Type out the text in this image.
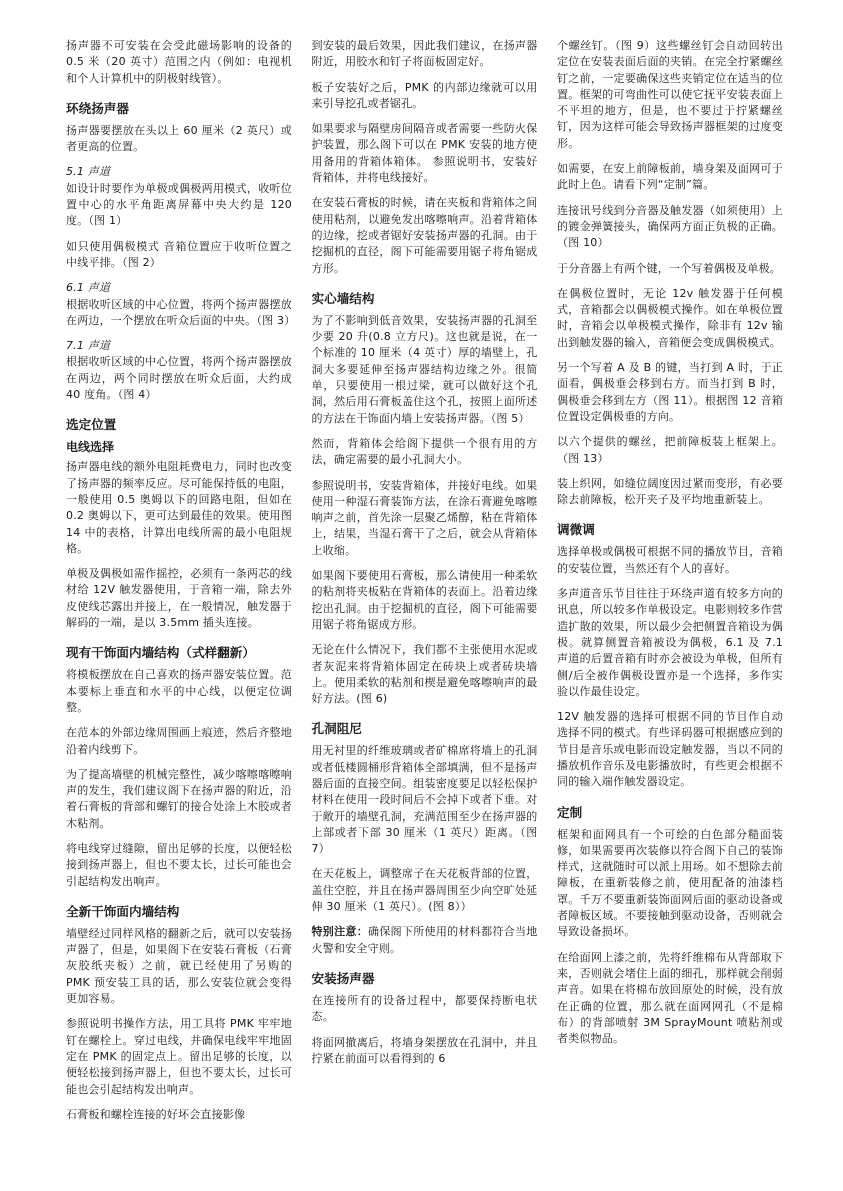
扬声器不可安装在会受此磁场影响的设备的 0.5 米（20 英寸）范围之内（例如：电视机和个人计算机中的阴极射线管）。

环绕扬声器

扬声器要摆放在头以上 60 厘米（2 英尺）或者更高的位置。

5.1 声道

如设计时要作为单极或偶极两用模式，收听位置中心的水平角距离屏幕中央大约是 120 度。（图 1）

如只使用偶极模式 音箱位置应于收听位置之中线平排。（图 2）

6.1 声道

根据收听区域的中心位置，将两个扬声器摆放在两边，一个摆放在听众后面的中央。（图 3）

7.1 声道

根据收听区域的中心位置，将两个扬声器摆放在两边，两个同时摆放在听众后面，大约成 40 度角。（图 4）

选定位置
电线选择

扬声器电线的额外电阻耗费电力，同时也改变了扬声器的频率反应。尽可能保持低的电阻，一般使用 0.5 奥姆以下的回路电阻，但如在 0.2 奥姆以下，更可达到最佳的效果。使用图 14 中的表格，计算出电线所需的最小电阻规格。

单极及偶极如需作摇控，必须有一条两芯的线材给 12V 触发器使用，于音箱一端，除去外皮使线芯露出并接上，在一般情况，触发器于解码的一端，是以 3.5mm 插头连接。

现有干饰面内墙结构（式样翻新）

将模板摆放在自己喜欢的扬声器安装位置。范本要标上垂直和水平的中心线，以便定位调整。

在范本的外部边缘周围画上痕迹，然后齐整地沿着内线剪下。

为了提高墙壁的机械完整性，减少喀嚓喀嚓响声的发生，我们建议阁下在扬声器的附近，沿着石膏板的背部和螺钉的接合处涂上木胶或者木粘剂。

将电线穿过缝隙，留出足够的长度，以便轻松接到扬声器上，但也不要太长，过长可能也会引起结构发出响声。

全新干饰面内墙结构

墙壁经过同样风格的翻新之后，就可以安装扬声器了，但是，如果阁下在安装石膏板（石膏灰胶纸夹板）之前，就已经使用了另购的 PMK 预安装工具的话，那么安装位就会变得更加容易。

参照说明书操作方法，用工具将 PMK 牢牢地钉在螺栓上。穿过电线，并确保电线牢牢地固定在 PMK 的固定点上。留出足够的长度，以便轻松接到扬声器上，但也不要太长，过长可能也会引起结构发出响声。

石膏板和螺栓连接的好坏会直接影像

到安装的最后效果，因此我们建议，在扬声器附近，用胶水和钉子将面板固定好。

板子安装好之后，PMK 的内部边缘就可以用来引导挖孔或者锯孔。

如果要求与隔壁房间隔音或者需要一些防火保护装置，那么阁下可以在 PMK 安装的地方使用备用的背箱体箱体。 参照说明书，安装好背箱体，并将电线接好。

在安装石膏板的时候，请在夹板和背箱体之间使用粘剂，以避免发出喀嚓响声。沿着背箱体的边缘，挖或者锯好安装扬声器的孔洞。由于挖掘机的直径，阁下可能需要用锯子将角锯成方形。

实心墙结构

为了不影响到低音效果，安装扬声器的孔洞至少要 20 升(0.8 立方尺)。这也就是说，在一个标准的 10 厘米（4 英寸）厚的墙壁上，孔洞大多要延伸至扬声器结构边缘之外。很简单，只要使用一根过梁，就可以做好这个孔洞，然后用石膏板盖住这个孔，按照上面所述的方法在干饰面内墙上安装扬声器。（图 5）

然而，背箱体会给阁下提供一个很有用的方法，确定需要的最小孔洞大小。

参照说明书，安装背箱体，并接好电线。如果使用一种湿石膏装饰方法，在涂石膏避免喀嚓响声之前，首先涂一层聚乙烯醇，粘在背箱体上，结果，当湿石膏干了之后，就会从背箱体上收缩。

如果阁下要使用石膏板，那么请使用一种柔软的粘剂将夹板粘在背箱体的表面上。沿着边缘挖出孔洞。由于挖掘机的直径，阁下可能需要用锯子将角锯成方形。

无论在什么情况下，我们都不主张使用水泥或者灰泥来将背箱体固定在砖块上或者砖块墙上。使用柔软的粘剂和楔是避免喀嚓响声的最好方法。(图 6)

孔洞阻尼

用无衬里的纤维玻璃或者矿棉席将墙上的孔洞或者低楼圆桶形背箱体全部填满，但不是扬声器后面的直接空间。组装密度要足以轻松保护材料在使用一段时间后不会掉下或者下垂。对于敞开的墙壁孔洞，充满范围至少在扬声器的上部或者下部 30 厘米（1 英尺）距离。（图 7）

在天花板上，调整席子在天花板背部的位置，盖住空腔，并且在扬声器周围至少向空旷处延伸 30 厘米（1 英尺）。(图 8））

特别注意：确保阁下所使用的材料都符合当地火警和安全守则。

安装扬声器

在连接所有的设备过程中，都要保持断电状态。

将面网撤离后，将墙身架摆放在孔洞中，并且拧紧在前面可以看得到的 6

个螺丝钉。（图 9）这些螺丝钉会自动回转出定位在安装表面后面的夹销。在完全拧紧螺丝钉之前，一定要确保这些夹销定位在适当的位置。框架的可弯曲性可以使它抚平安装表面上不平坦的地方，但是，也不要过于拧紧螺丝钉，因为这样可能会导致扬声器框架的过度变形。

如需要，在安上前障板前，墙身架及面网可于此时上色。请看下列“定制”篇。

连接讯号线到分音器及触发器（如须使用）上的镀金弹簧接头，确保两方面正负极的正确。（图 10）

于分音器上有两个键，一个写着偶极及单极。

在偶极位置时，无论 12v 触发器于任何模式，音箱都会以偶极模式操作。如在单极位置时，音箱会以单极模式操作，除非有 12v 输出到触发器的输入，音箱便会变成偶极模式。

另一个写着 A 及 B 的键，当打到 A 时，于正面看，偶极垂会移到右方。而当打到 B 时，偶极垂会移到左方（图 11）。根据图 12 音箱位置设定偶极垂的方向。

以六个提供的螺丝，把前障板装上框架上。（图 13）

装上织网，如缝位阔度因过紧而变形，有必要除去前障板，松开夹子及平均地重新装上。

调微调

选择单极或偶极可根据不同的播放节目，音箱的安装位置，当然还有个人的喜好。

多声道音乐节目往往于环绕声道有较多方向的讯息，所以较多作单极设定。电影则较多作营造扩散的效果，所以最少会把侧置音箱设为偶极。就算侧置音箱被设为偶极，6.1 及 7.1 声道的后置音箱有时亦会被设为单极，但所有侧/后全被作偶极设置亦是一个选择，多作实验以作最佳设定。

12V 触发器的选择可根据不同的节目作自动选择不同的模式。有些译码器可根据感应到的节目是音乐或电影而设定触发器，当以不同的播放机作音乐及电影播放时，有些更会根据不同的输入端作触发器设定。

定制

框架和面网具有一个可绘的白色部分糙面装修，如果需要再次装修以符合阁下自己的装饰样式，这就随时可以派上用场。如不想除去前障板，在重新装修之前，使用配备的油漆档罩。千万不要重新装饰面网后面的驱动设备或者障板区域。不要接触到驱动设备，否则就会导致设备损坏。

在给面网上漆之前，先将纤维棉布从背部取下来，否则就会堵住上面的细孔，那样就会削弱声音。如果在将棉布放回原处的时候，没有放在正确的位置，那么就在面网网孔（不是棉布）的背部喷射 3M SprayMount 喷粘剂或者类似物品。
